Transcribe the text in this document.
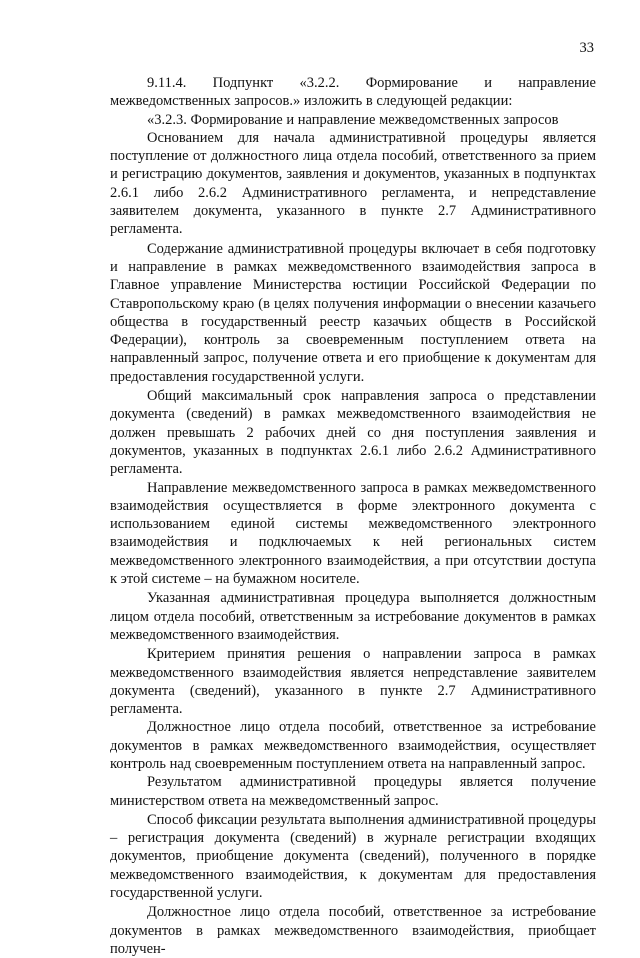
33

9.11.4. Подпункт «3.2.2. Формирование и направление межведомственных запросов.» изложить в следующей редакции:

«3.2.3. Формирование и направление межведомственных запросов

Основанием для начала административной процедуры является поступление от должностного лица отдела пособий, ответственного за прием и регистрацию документов, заявления и документов, указанных в подпунктах 2.6.1 либо 2.6.2 Административного регламента, и непредставление заявителем документа, указанного в пункте 2.7 Административного регламента.

Содержание административной процедуры включает в себя подготовку и направление в рамках межведомственного взаимодействия запроса в Главное управление Министерства юстиции Российской Федерации по Ставропольскому краю (в целях получения информации о внесении казачьего общества в государственный реестр казачьих обществ в Российской Федерации), контроль за своевременным поступлением ответа на направленный запрос, получение ответа и его приобщение к документам для предоставления государственной услуги.

Общий максимальный срок направления запроса о представлении документа (сведений) в рамках межведомственного взаимодействия не должен превышать 2 рабочих дней со дня поступления заявления и документов, указанных в подпунктах 2.6.1 либо 2.6.2 Административного регламента.

Направление межведомственного запроса в рамках межведомственного взаимодействия осуществляется в форме электронного документа с использованием единой системы межведомственного электронного взаимодействия и подключаемых к ней региональных систем межведомственного электронного взаимодействия, а при отсутствии доступа к этой системе – на бумажном носителе.

Указанная административная процедура выполняется должностным лицом отдела пособий, ответственным за истребование документов в рамках межведомственного взаимодействия.

Критерием принятия решения о направлении запроса в рамках межведомственного взаимодействия является непредставление заявителем документа (сведений), указанного в пункте 2.7 Административного регламента.

Должностное лицо отдела пособий, ответственное за истребование документов в рамках межведомственного взаимодействия, осуществляет контроль над своевременным поступлением ответа на направленный запрос.

Результатом административной процедуры является получение министерством ответа на межведомственный запрос.

Способ фиксации результата выполнения административной процедуры – регистрация документа (сведений) в журнале регистрации входящих документов, приобщение документа (сведений), полученного в порядке межведомственного взаимодействия, к документам для предоставления государственной услуги.

Должностное лицо отдела пособий, ответственное за истребование документов в рамках межведомственного взаимодействия, приобщает получен-
